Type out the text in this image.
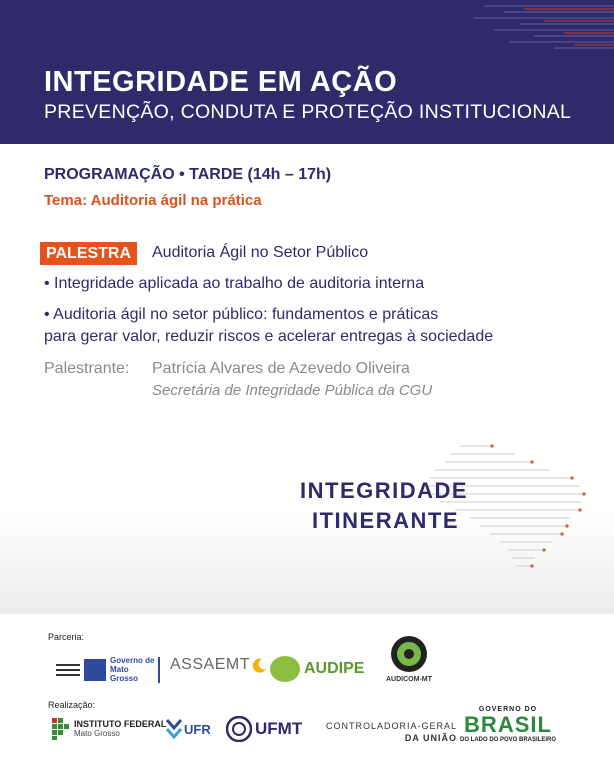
INTEGRIDADE EM AÇÃO
PREVENÇÃO, CONDUTA E PROTEÇÃO INSTITUCIONAL
PROGRAMAÇÃO • TARDE (14h – 17h)
Tema: Auditoria ágil na prática
PALESTRA	Auditoria Ágil no Setor Público
• Integridade aplicada ao trabalho de auditoria interna
• Auditoria ágil no setor público: fundamentos e práticas
para gerar valor, reduzir riscos e acelerar entregas à sociedade
Palestrante: Patrícia Alvares de Azevedo Oliveira
Secretária de Integridade Pública da CGU
INTEGRIDADE
ITINERANTE
Parceria:
Governo de Mato Grosso
ASSAEMT	AUDIPE
AUDICOM-MT
Realização:
INSTITUTO FEDERAL
Mato Grosso	UFR	UFMT	CONTROLADORIA-GERAL
DA UNIÃO
GOVERNO DO
BRASIL
DO LADO DO POVO BRASILEIRO
